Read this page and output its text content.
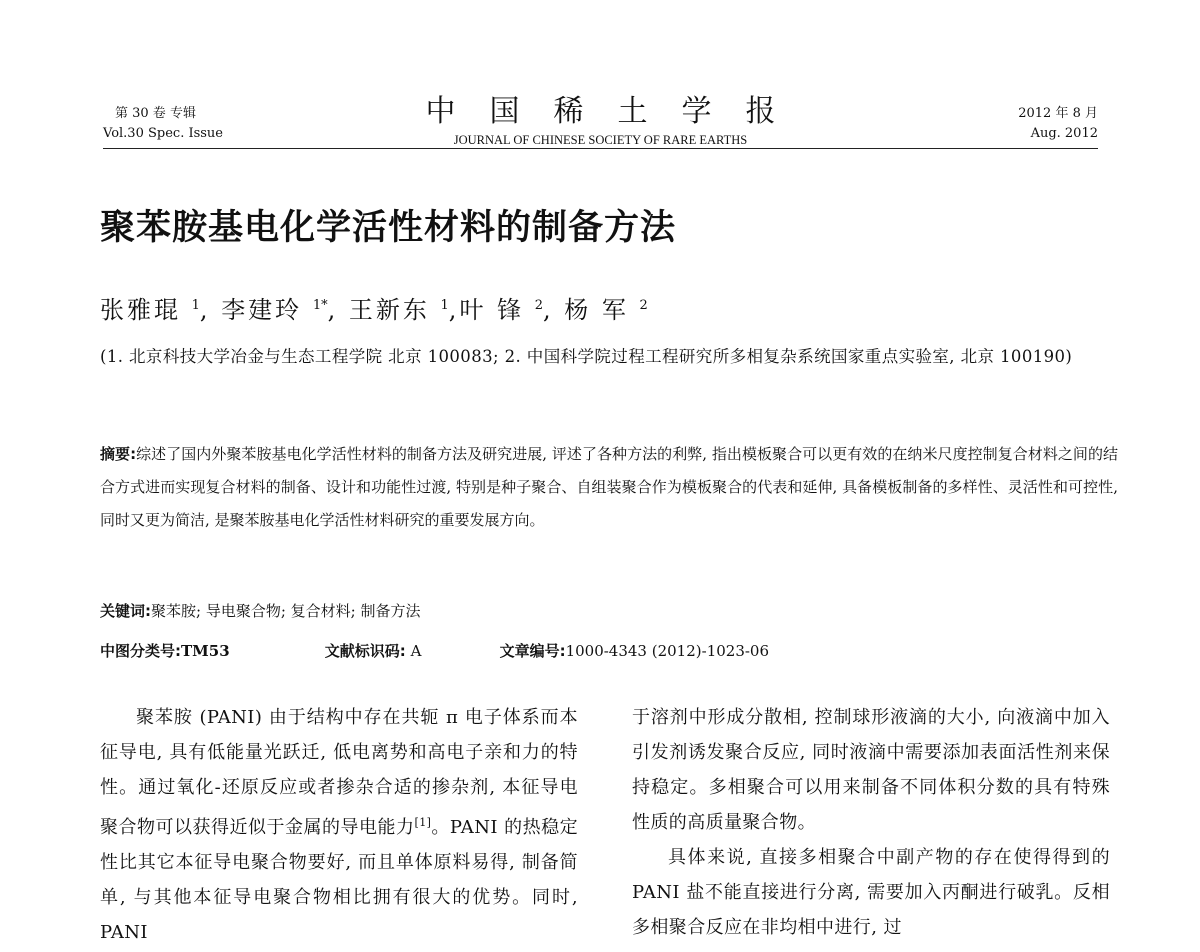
第 30 卷 专辑
Vol.30 Spec. Issue
中国稀土学报
JOURNAL OF CHINESE SOCIETY OF RARE EARTHS
2012 年 8 月
Aug. 2012
聚苯胺基电化学活性材料的制备方法
张雅琨 $^1$, 李建玲 $^{1*}$, 王新东 $^1$,叶 锋 $^2$, 杨 军 $^2$
(1. 北京科技大学冶金与生态工程学院 北京 100083; 2. 中国科学院过程工程研究所多相复杂系统国家重点实验室, 北京 100190)
摘要:综述了国内外聚苯胺基电化学活性材料的制备方法及研究进展, 评述了各种方法的利弊, 指出模板聚合可以更有效的在纳米尺度控制复合材料之间的结合方式进而实现复合材料的制备、设计和功能性过渡, 特别是种子聚合、自组装聚合作为模板聚合的代表和延伸, 具备模板制备的多样性、灵活性和可控性, 同时又更为简洁, 是聚苯胺基电化学活性材料研究的重要发展方向。
关键词:聚苯胺; 导电聚合物; 复合材料; 制备方法
中图分类号:TM53	文献标识码: A	文章编号:1000-4343 (2012)-1023-06

聚苯胺 (PANI) 由于结构中存在共轭 π 电子体系而本征导电, 具有低能量光跃迁, 低电离势和高电子亲和力的特性。通过氧化-还原反应或者掺杂合适的掺杂剂, 本征导电聚合物可以获得近似于金属的导电能力[1]。PANI 的热稳定性比其它本征导电聚合物要好, 而且单体原料易得, 制备简单, 与其他本征导电聚合物相比拥有很大的优势。同时, PANI

于溶剂中形成分散相, 控制球形液滴的大小, 向液滴中加入引发剂诱发聚合反应, 同时液滴中需要添加表面活性剂来保持稳定。多相聚合可以用来制备不同体积分数的具有特殊性质的高质量聚合物。

具体来说, 直接多相聚合中副产物的存在使得得到的 PANI 盐不能直接进行分离, 需要加入丙酮进行破乳。反相多相聚合反应在非均相中进行, 过
